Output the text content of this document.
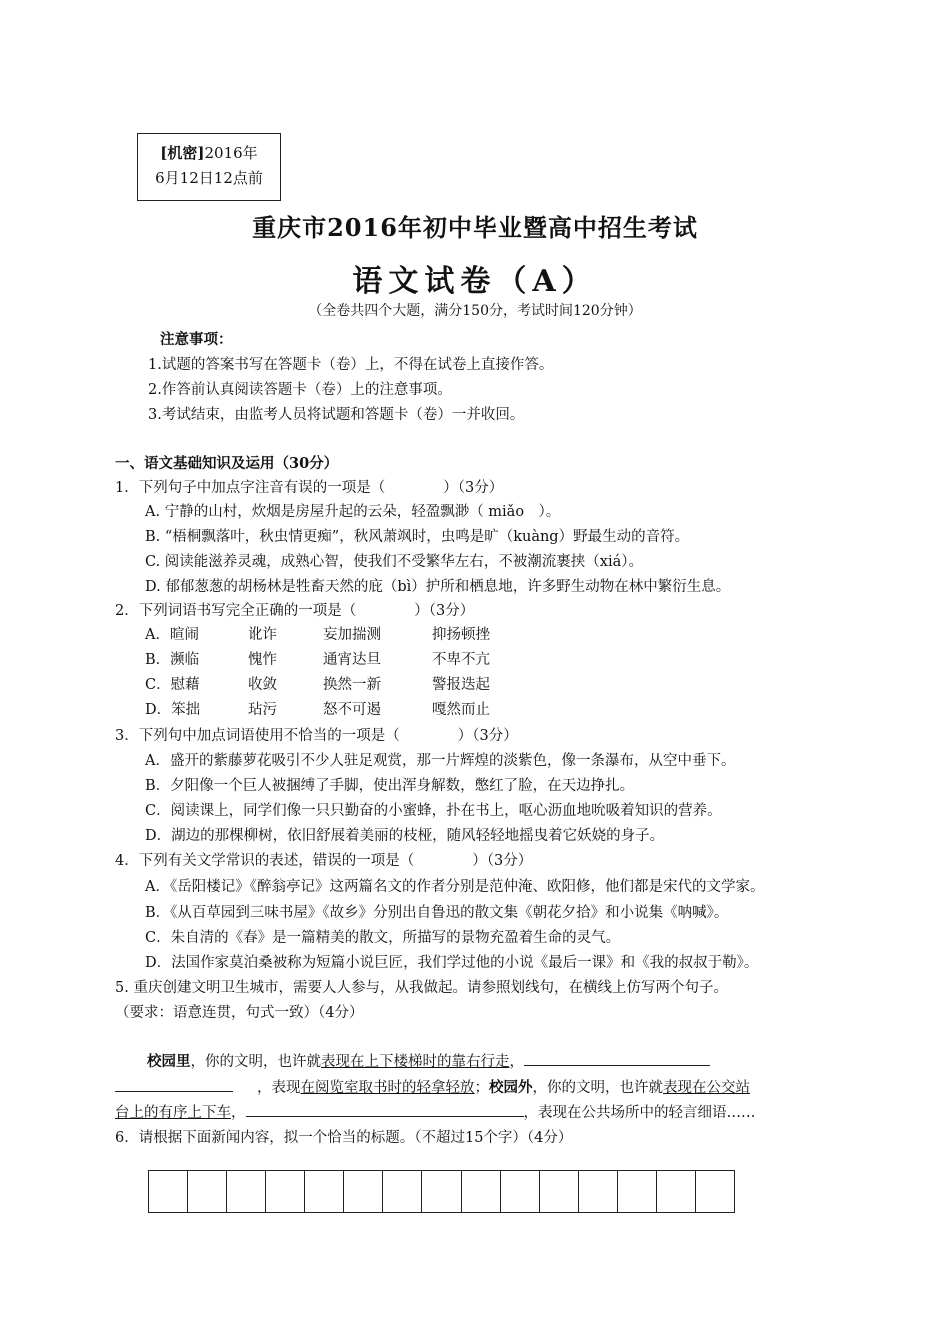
[机密]2016年
6月12日12点前
重庆市2016年初中毕业暨高中招生考试
语文试卷（A）
（全卷共四个大题，满分150分，考试时间120分钟）
注意事项：
1.试题的答案书写在答题卡（卷）上，不得在试卷上直接作答。
2.作答前认真阅读答题卡（卷）上的注意事项。
3.考试结束，由监考人员将试题和答题卡（卷）一并收回。
一、语文基础知识及运用（30分）
1．下列句子中加点字注音有误的一项是（　　　　）（3分）
A. 宁静的山村，炊烟是房屋升起的云朵，轻盈飘渺（ miǎo　）。
B. “梧桐飘落叶，秋虫情更痴”，秋风萧飒时，虫鸣是旷（kuàng）野最生动的音符。
C. 阅读能滋养灵魂，成熟心智，使我们不受繁华左右，不被潮流裹挟（xiá）。
D. 郁郁葱葱的胡杨林是牲畜天然的庇（bì）护所和栖息地，许多野生动物在林中繁衍生息。
2．下列词语书写完全正确的一项是（　　　　）（3分）
A．暄闹	讹诈	妄加揣测	抑扬顿挫
B．濒临	愧怍	通宵达旦	不卑不亢
C．慰藉	收敛	换然一新	警报迭起
D．笨拙	玷污	怒不可遏	嘎然而止
3．下列句中加点词语使用不恰当的一项是（　　　　）（3分）
A．盛开的紫藤萝花吸引不少人驻足观赏，那一片辉煌的淡紫色，像一条瀑布，从空中垂下。
B．夕阳像一个巨人被捆缚了手脚，使出浑身解数，憋红了脸，在天边挣扎。
C．阅读课上，同学们像一只只勤奋的小蜜蜂，扑在书上，呕心沥血地吮吸着知识的营养。
D．湖边的那棵柳树，依旧舒展着美丽的枝桠，随风轻轻地摇曳着它妖娆的身子。
4．下列有关文学常识的表述，错误的一项是（　　　　）（3分）
A．《岳阳楼记》《醉翁亭记》这两篇名文的作者分别是范仲淹、欧阳修，他们都是宋代的文学家。
B．《从百草园到三味书屋》《故乡》分别出自鲁迅的散文集《朝花夕拾》和小说集《呐喊》。
C．朱自清的《春》是一篇精美的散文，所描写的景物充盈着生命的灵气。
D．法国作家莫泊桑被称为短篇小说巨匠，我们学过他的小说《最后一课》和《我的叔叔于勒》。
5. 重庆创建文明卫生城市，需要人人参与，从我做起。请参照划线句，在横线上仿写两个句子。
（要求：语意连贯，句式一致）（4分）
校园里，你的文明，也许就表现在上下楼梯时的靠右行走，
，表现在阅览室取书时的轻拿轻放；校园外，你的文明，也许就表现在公交站
台上的有序上下车，	，表现在公共场所中的轻言细语……
6．请根据下面新闻内容，拟一个恰当的标题。（不超过15个字）（4分）
